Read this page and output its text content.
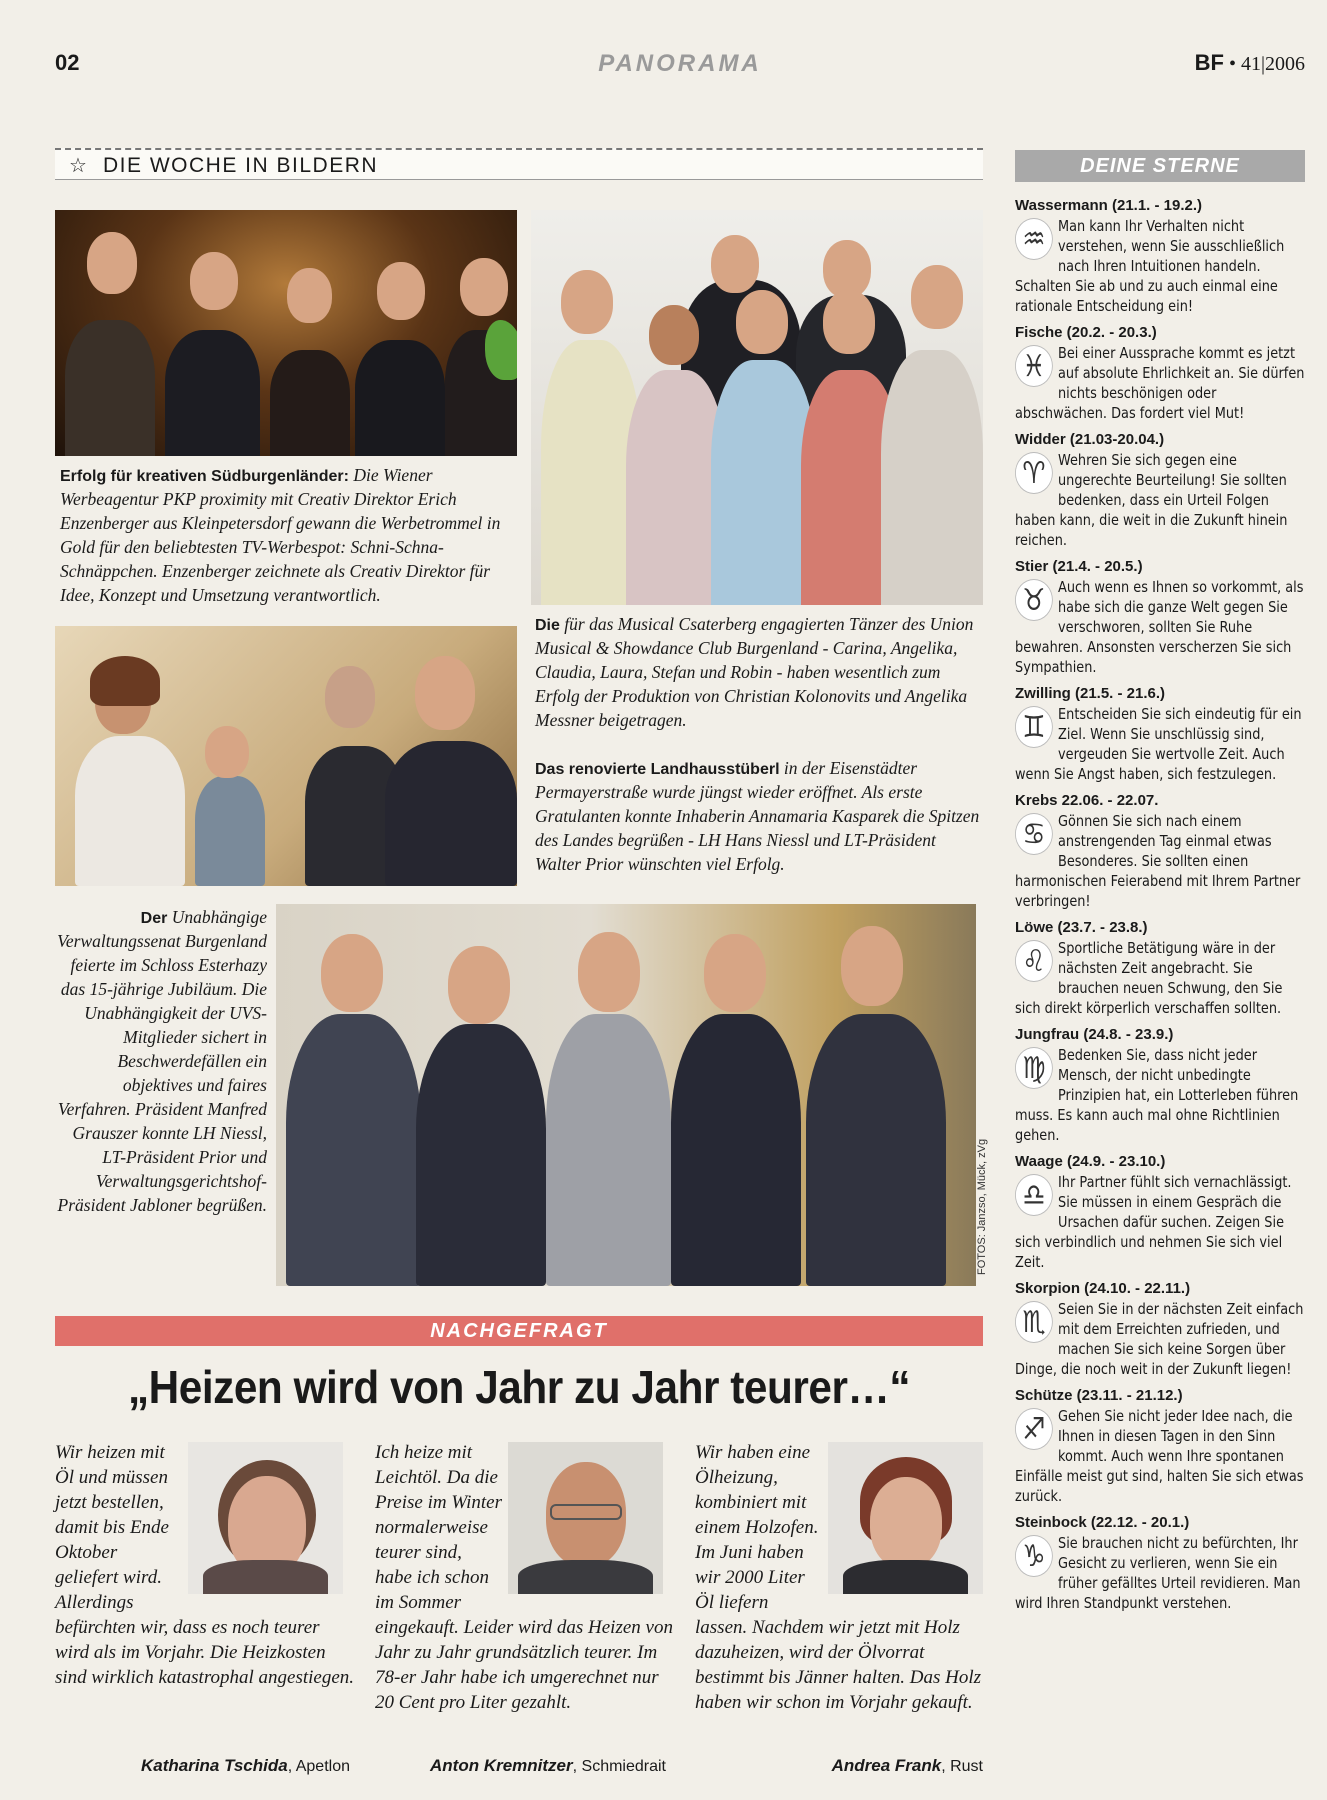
02	PANORAMA	BF • 41|2006
☆ DIE WOCHE IN BILDERN
Erfolg für kreativen Südburgenländer: Die Wiener Werbeagentur PKP proximity mit Creativ Direktor Erich Enzenberger aus Kleinpetersdorf gewann die Werbetrommel in Gold für den beliebtesten TV-Werbespot: Schni-Schna-Schnäppchen. Enzenberger zeichnete als Creativ Direktor für Idee, Konzept und Umsetzung verantwortlich.
Die für das Musical Csaterberg engagierten Tänzer des Union Musical & Showdance Club Burgenland - Carina, Angelika, Claudia, Laura, Stefan und Robin - haben wesentlich zum Erfolg der Produktion von Christian Kolonovits und Angelika Messner beigetragen.
Das renovierte Landhausstüberl in der Eisenstädter Permayerstraße wurde jüngst wieder eröffnet. Als erste Gratulanten konnte Inhaberin Annamaria Kasparek die Spitzen des Landes begrüßen - LH Hans Niessl und LT-Präsident Walter Prior wünschten viel Erfolg.
Der Unabhängige Verwaltungssenat Burgenland feierte im Schloss Esterhazy das 15-jährige Jubiläum. Die Unabhängigkeit der UVS-Mitglieder sichert in Beschwerdefällen ein objektives und faires Verfahren. Präsident Manfred Grauszer konnte LH Niessl, LT-Präsident Prior und Verwaltungsgerichtshof-Präsident Jabloner begrüßen.	FOTOS: Janzso, Mück, zVg
NACHGEFRAGT
„Heizen wird von Jahr zu Jahr teurer…“
Katharina Tschida, Apetlon	Anton Kremnitzer, Schmiedrait	Andrea Frank, Rust
DEINE STERNE
Wassermann (21.1. - 19.2.)
♒ Man kann Ihr Verhalten nicht verstehen, wenn Sie ausschließlich nach Ihren Intuitionen handeln. Schalten Sie ab und zu auch einmal eine rationale Entscheidung ein!
Fische (20.2. - 20.3.)
♓ Bei einer Aussprache kommt es jetzt auf absolute Ehrlichkeit an. Sie dürfen nichts beschönigen oder abschwächen. Das fordert viel Mut!
Widder (21.03-20.04.)
♈ Wehren Sie sich gegen eine ungerechte Beurteilung! Sie sollten bedenken, dass ein Urteil Folgen haben kann, die weit in die Zukunft hinein reichen.
Stier (21.4. - 20.5.)
♉ Auch wenn es Ihnen so vorkommt, als habe sich die ganze Welt gegen Sie verschworen, sollten Sie Ruhe bewahren. Ansonsten verscherzen Sie sich Sympathien.
Zwilling (21.5. - 21.6.)
♊ Entscheiden Sie sich eindeutig für ein Ziel. Wenn Sie unschlüssig sind, vergeuden Sie wertvolle Zeit. Auch wenn Sie Angst haben, sich festzulegen.
Krebs 22.06. - 22.07.
♋ Gönnen Sie sich nach einem anstrengenden Tag einmal etwas Besonderes. Sie sollten einen harmonischen Feierabend mit Ihrem Partner verbringen!
Löwe (23.7. - 23.8.)
♌ Sportliche Betätigung wäre in der nächsten Zeit angebracht. Sie brauchen neuen Schwung, den Sie sich direkt körperlich verschaffen sollten.
Jungfrau (24.8. - 23.9.)
♍ Bedenken Sie, dass nicht jeder Mensch, der nicht unbedingte Prinzipien hat, ein Lotterleben führen muss. Es kann auch mal ohne Richtlinien gehen.
Waage (24.9. - 23.10.)
♎ Ihr Partner fühlt sich vernachlässigt. Sie müssen in einem Gespräch die Ursachen dafür suchen. Zeigen Sie sich verbindlich und nehmen Sie sich viel Zeit.
Skorpion (24.10. - 22.11.)
♏ Seien Sie in der nächsten Zeit einfach mit dem Erreichten zufrieden, und machen Sie sich keine Sorgen über Dinge, die noch weit in der Zukunft liegen!
Schütze (23.11. - 21.12.)
♐ Gehen Sie nicht jeder Idee nach, die Ihnen in diesen Tagen in den Sinn kommt. Auch wenn Ihre spontanen Einfälle meist gut sind, halten Sie sich etwas zurück.
Steinbock (22.12. - 20.1.)
♑ Sie brauchen nicht zu befürchten, Ihr Gesicht zu verlieren, wenn Sie ein früher gefälltes Urteil revidieren. Man wird Ihren Standpunkt verstehen.
Wir heizen mit Öl und müssen jetzt bestellen, damit bis Ende Oktober geliefert wird. Allerdings befürchten wir, dass es noch teurer wird als im Vorjahr. Die Heizkosten sind wirklich katastrophal angestiegen.
Ich heize mit Leichtöl. Da die Preise im Winter normalerweise teurer sind, habe ich schon im Sommer eingekauft. Leider wird das Heizen von Jahr zu Jahr grundsätzlich teurer. Im 78-er Jahr habe ich umgerechnet nur 20 Cent pro Liter gezahlt.
Wir haben eine Ölheizung, kombiniert mit einem Holzofen. Im Juni haben wir 2000 Liter Öl liefern lassen. Nachdem wir jetzt mit Holz dazuheizen, wird der Ölvorrat bestimmt bis Jänner halten. Das Holz haben wir schon im Vorjahr gekauft.
